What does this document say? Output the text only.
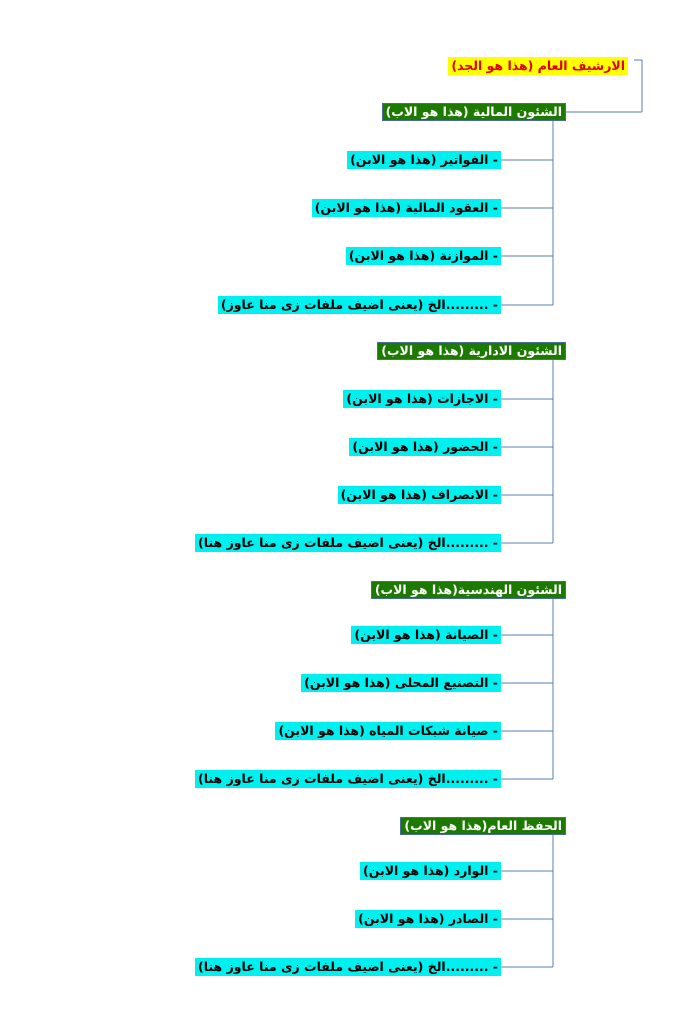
الارشيف العام (هذا هو الجد)
الشئون المالية (هذا هو الاب)
- الفواتير (هذا هو الابن)
- العقود المالية (هذا هو الابن)
- الموازنة (هذا هو الابن)
- .........الخ (يعنى اضيف ملفات زى منا عاوز)
الشئون الادارية (هذا هو الاب)
- الاجازات (هذا هو الابن)
- الحضور (هذا هو الابن)
- الانصراف (هذا هو الابن)
- .........الخ (يعنى اضيف ملفات زى منا عاوز هنا)
الشئون الهندسية(هذا هو الاب)
- الصيانة (هذا هو الابن)
- التصنيع المحلى (هذا هو الابن)
- صيانة شبكات المياه (هذا هو الابن)
- .........الخ (يعنى اضيف ملفات زى منا عاوز هنا)
الحفظ العام(هذا هو الاب)
- الوارد (هذا هو الابن)
- الصادر (هذا هو الابن)
- .........الخ (يعنى اضيف ملفات زى منا عاوز هنا)
